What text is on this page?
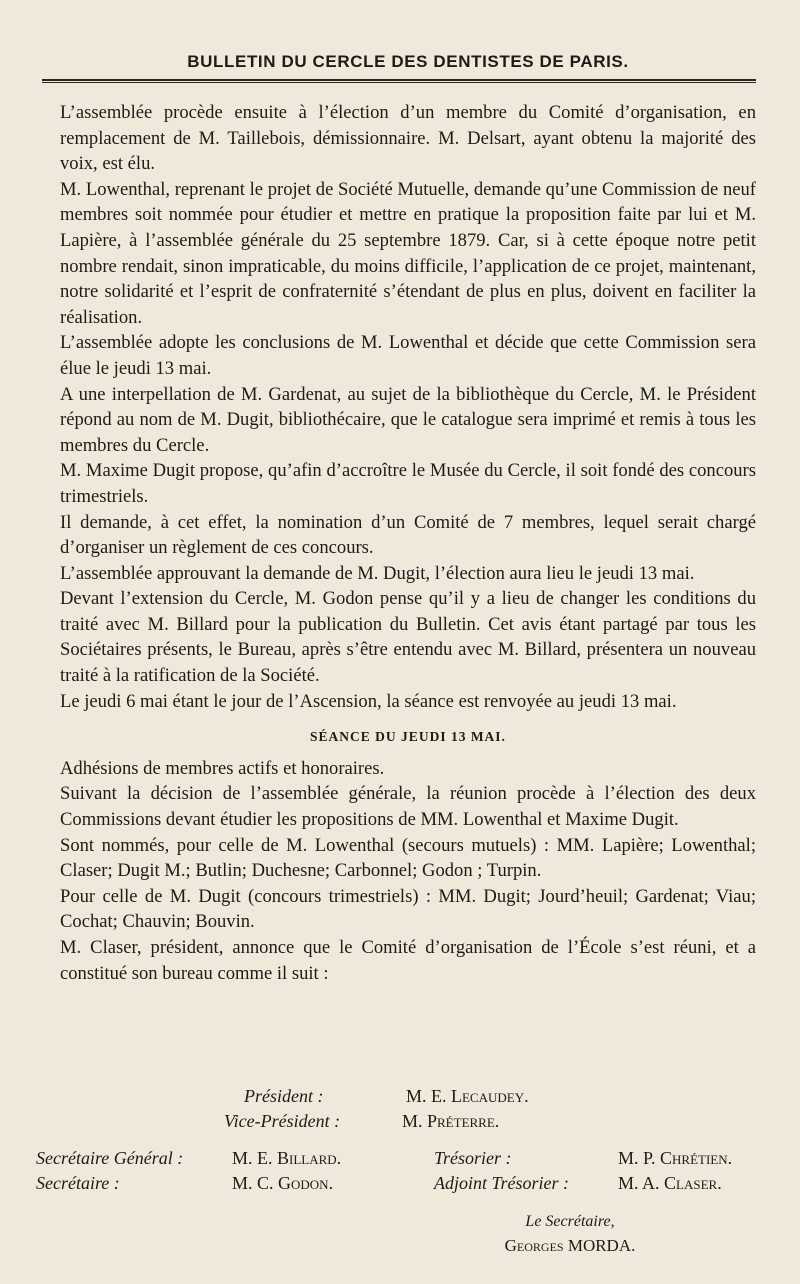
BULLETIN DU CERCLE DES DENTISTES DE PARIS.

L’assemblée procède ensuite à l’élection d’un membre du Comité d’organisation, en remplacement de M. Taillebois, démissionnaire. M. Delsart, ayant obtenu la majorité des voix, est élu.

M. Lowenthal, reprenant le projet de Société Mutuelle, demande qu’une Commission de neuf membres soit nommée pour étudier et mettre en pratique la proposition faite par lui et M. Lapière, à l’assemblée générale du 25 septembre 1879. Car, si à cette époque notre petit nombre rendait, sinon impraticable, du moins difficile, l’application de ce projet, maintenant, notre solidarité et l’esprit de confraternité s’étendant de plus en plus, doivent en faciliter la réalisation.

L’assemblée adopte les conclusions de M. Lowenthal et décide que cette Commission sera élue le jeudi 13 mai.

A une interpellation de M. Gardenat, au sujet de la bibliothèque du Cercle, M. le Président répond au nom de M. Dugit, bibliothécaire, que le catalogue sera imprimé et remis à tous les membres du Cercle.

M. Maxime Dugit propose, qu’afin d’accroître le Musée du Cercle, il soit fondé des concours trimestriels.

Il demande, à cet effet, la nomination d’un Comité de 7 membres, lequel serait chargé d’organiser un règlement de ces concours.

L’assemblée approuvant la demande de M. Dugit, l’élection aura lieu le jeudi 13 mai.

Devant l’extension du Cercle, M. Godon pense qu’il y a lieu de changer les conditions du traité avec M. Billard pour la publication du Bulletin. Cet avis étant partagé par tous les Sociétaires présents, le Bureau, après s’être entendu avec M. Billard, présentera un nouveau traité à la ratification de la Société.

Le jeudi 6 mai étant le jour de l’Ascension, la séance est renvoyée au jeudi 13 mai.

SÉANCE DU JEUDI 13 MAI.

Adhésions de membres actifs et honoraires.

Suivant la décision de l’assemblée générale, la réunion procède à l’élection des deux Commissions devant étudier les propositions de MM. Lowenthal et Maxime Dugit.

Sont nommés, pour celle de M. Lowenthal (secours mutuels) : MM. Lapière; Lowenthal; Claser; Dugit M.; Butlin; Duchesne; Carbonnel; Godon ; Turpin.

Pour celle de M. Dugit (concours trimestriels) : MM. Dugit; Jourd’heuil; Gardenat; Viau; Cochat; Chauvin; Bouvin.

M. Claser, président, annonce que le Comité d’organisation de l’École s’est réuni, et a constitué son bureau comme il suit :

Président :	M. E. Lecaudey.
Vice-Président :	M. Préterre.
Secrétaire Général :	M. E. Billard.	Trésorier :	M. P. Chrétien.
Secrétaire :	M. C. Godon.	Adjoint Trésorier :	M. A. Claser.
Le Secrétaire,
Georges MORDA.
